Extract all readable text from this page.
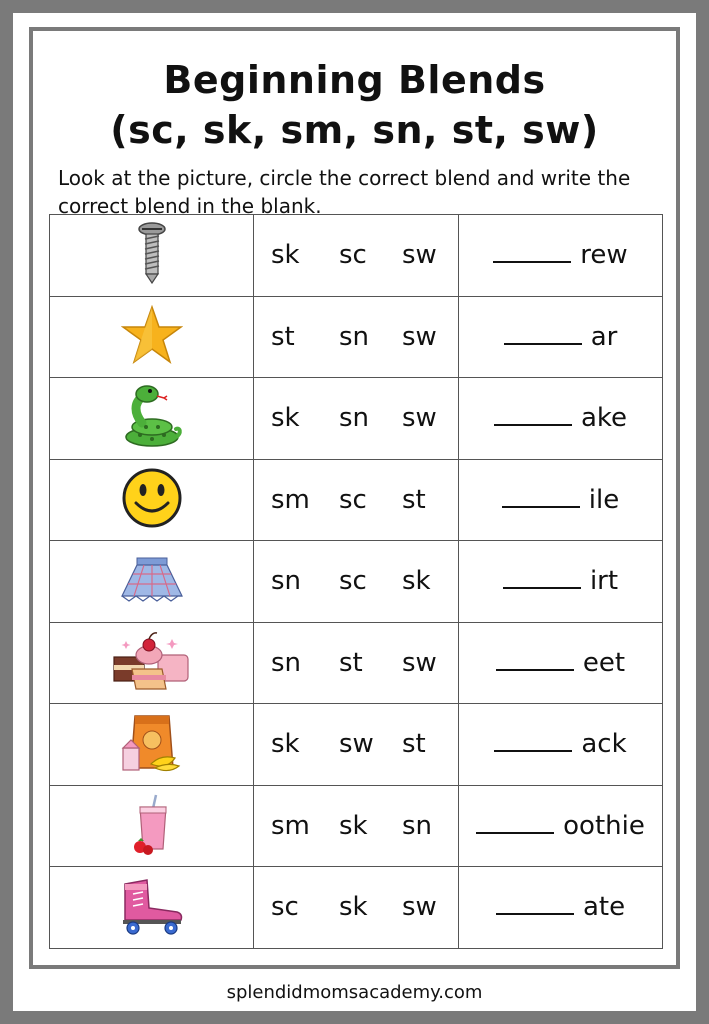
Beginning Blends
(sc, sk, sm, sn, st, sw)
Look at the picture, circle the correct blend and write the correct blend in the blank.
	sk sc sw	rew
	st sn sw	ar
	sk sn sw	ake
	sm sc st	ile
	sn sc sk	irt
	sn st sw	eet
	sk sw st	ack
	sm sk sn	oothie
	sc sk sw	ate
splendidmomsacademy.com
